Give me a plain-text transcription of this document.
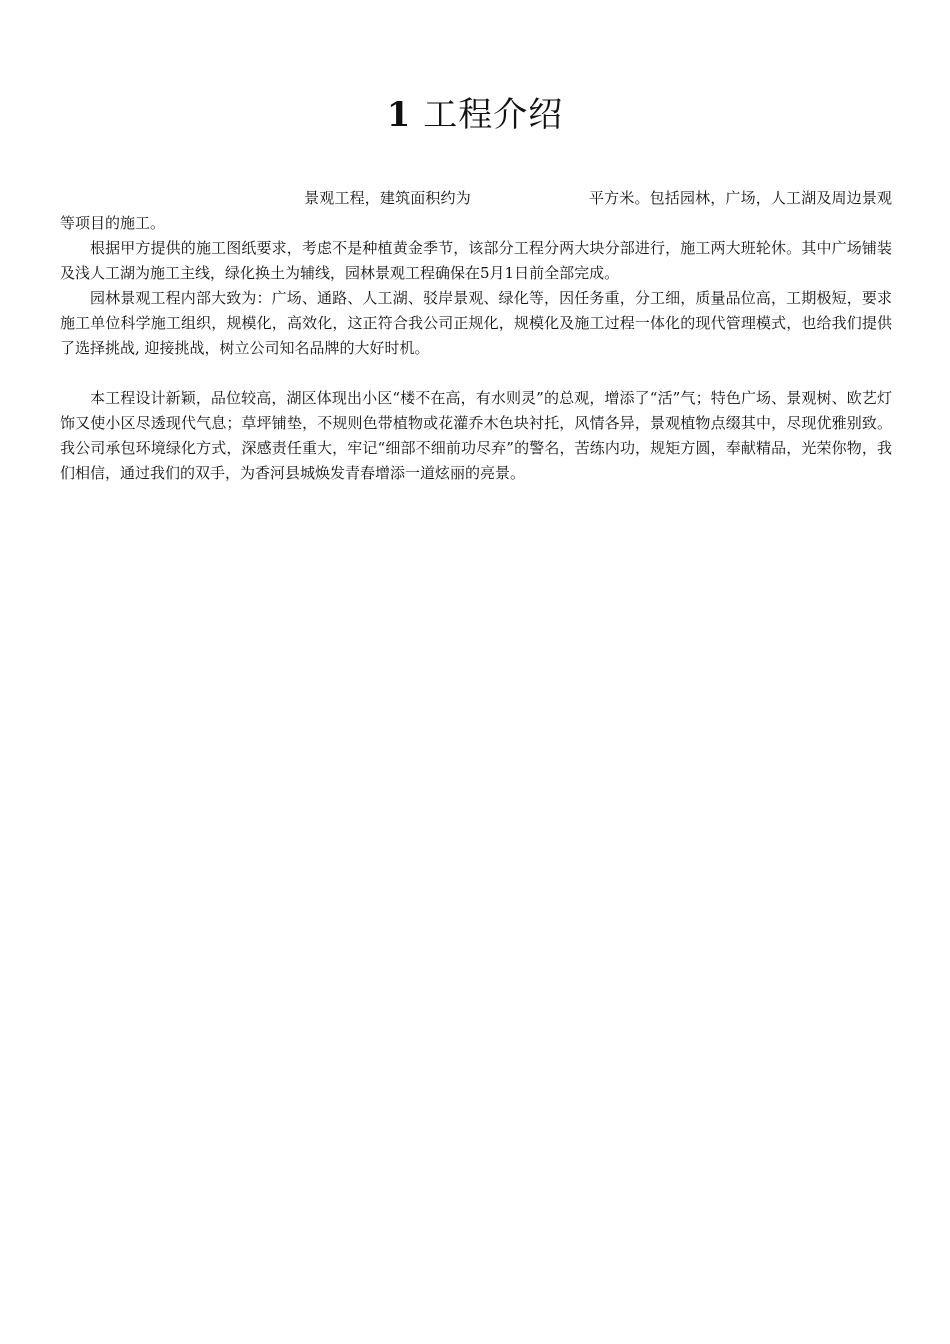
1 工程介绍

景观工程，建筑面积约为	平方米。包括园林，广场，人工湖及周边景观等项目的施工。

根据甲方提供的施工图纸要求，考虑不是种植黄金季节，该部分工程分两大块分部进行，施工两大班轮休。其中广场铺装及浅人工湖为施工主线，绿化换土为辅线，园林景观工程确保在5月1日前全部完成。

园林景观工程内部大致为：广场、通路、人工湖、驳岸景观、绿化等，因任务重，分工细，质量品位高，工期极短，要求施工单位科学施工组织，规模化，高效化，这正符合我公司正规化，规模化及施工过程一体化的现代管理模式，也给我们提供了选择挑战, 迎接挑战，树立公司知名品牌的大好时机。

本工程设计新颖，品位较高，湖区体现出小区“楼不在高，有水则灵”的总观，增添了“活”气；特色广场、景观树、欧艺灯饰又使小区尽透现代气息；草坪铺垫，不规则色带植物或花灌乔木色块衬托，风情各异，景观植物点缀其中，尽现优雅别致。我公司承包环境绿化方式，深感责任重大，牢记“细部不细前功尽弃”的警名，苦练内功，规矩方圆，奉献精品，光荣你物，我们相信，通过我们的双手，为香河县城焕发青春增添一道炫丽的亮景。
